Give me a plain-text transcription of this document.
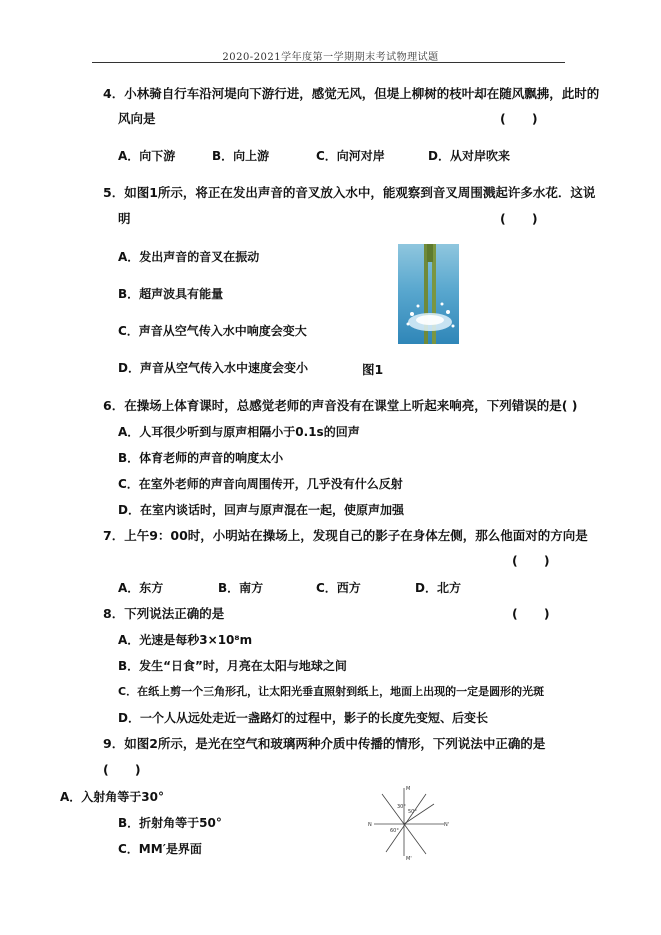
2020-2021学年度第一学期期末考试物理试题
4．小林骑自行车沿河堤向下游行进，感觉无风，但堤上柳树的枝叶却在随风飘拂，此时的
风向是	(      )
A．向下游	B．向上游	C．向河对岸	D．从对岸吹来
5．如图1所示，将正在发出声音的音叉放入水中，能观察到音叉周围溅起许多水花．这说
明	(      )
A．发出声音的音叉在振动
B．超声波具有能量
C．声音从空气传入水中响度会变大
D．声音从空气传入水中速度会变小	图1
6．在操场上体育课时，总感觉老师的声音没有在课堂上听起来响亮，下列错误的是( )
A．人耳很少听到与原声相隔小于0.1s的回声
B．体育老师的声音的响度太小
C．在室外老师的声音向周围传开，几乎没有什么反射
D．在室内谈话时，回声与原声混在一起，使原声加强
7．上午9：00时，小明站在操场上，发现自己的影子在身体左侧，那么他面对的方向是
(      )
A．东方	B．南方	C．西方	D．北方
8．下列说法正确的是	(      )
A．光速是每秒3×10⁸m
B．发生“日食”时，月亮在太阳与地球之间
C．在纸上剪一个三角形孔，让太阳光垂直照射到纸上，地面上出现的一定是圆形的光斑
D．一个人从远处走近一盏路灯的过程中，影子的长度先变短、后变长
9．如图2所示，是光在空气和玻璃两种介质中传播的情形，下列说法中正确的是
(      )
A．入射角等于30°
B．折射角等于50°
C．MM′是界面
M
M'
N	N'
30°
50°
60°
